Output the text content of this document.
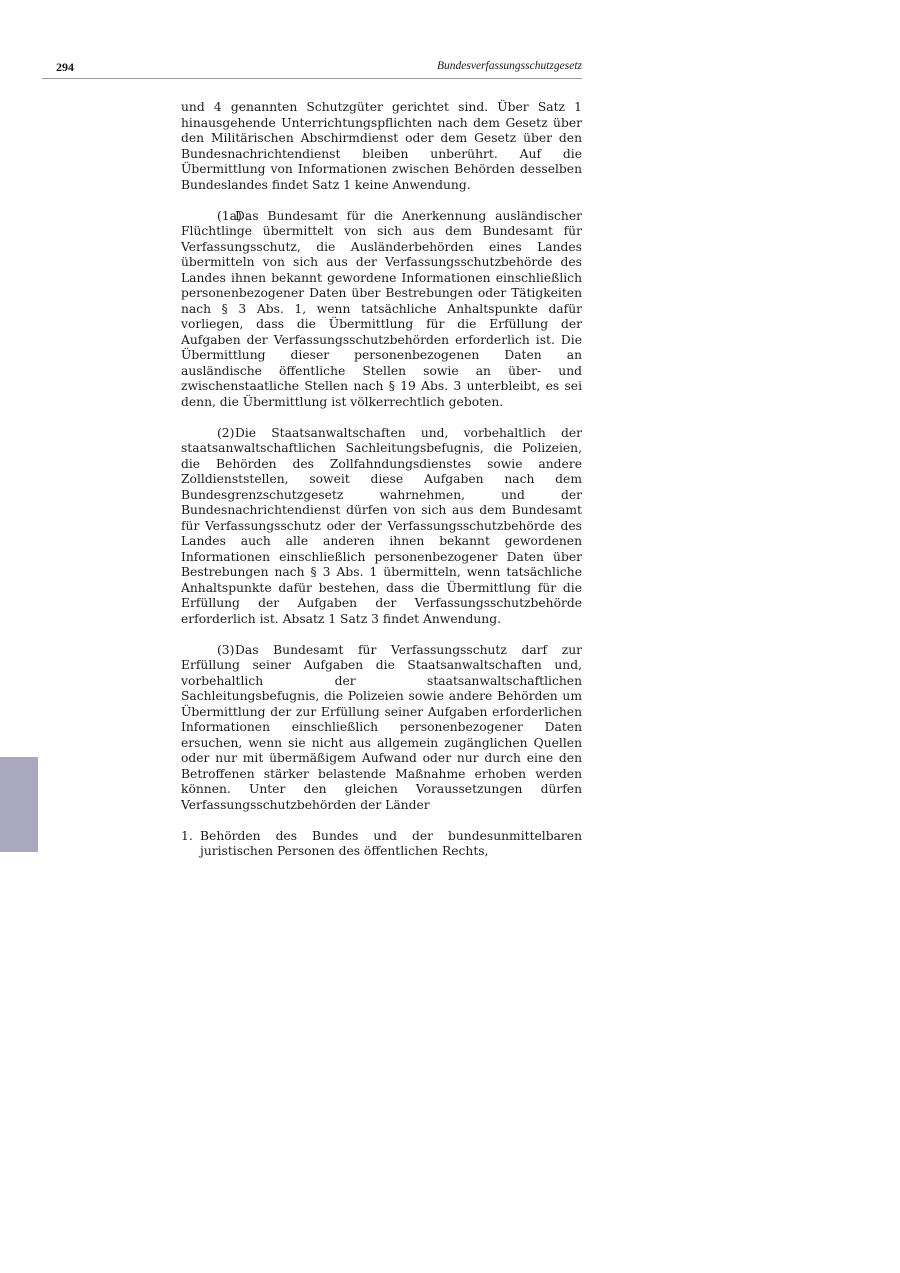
294	Bundesverfassungsschutzgesetz

und 4 genannten Schutzgüter gerichtet sind. Über Satz 1 hinausgehende Unterrichtungspflichten nach dem Gesetz über den Militärischen Abschirmdienst oder dem Gesetz über den Bundesnachrichtendienst bleiben unberührt. Auf die Übermittlung von Informationen zwischen Behörden desselben Bundeslandes findet Satz 1 keine Anwendung.

(1a)Das Bundesamt für die Anerkennung ausländischer Flüchtlinge übermittelt von sich aus dem Bundesamt für Verfassungsschutz, die Ausländerbehörden eines Landes übermitteln von sich aus der Verfassungsschutzbehörde des Landes ihnen bekannt gewordene Informationen einschließlich personenbezogener Daten über Bestrebungen oder Tätigkeiten nach § 3 Abs. 1, wenn tatsächliche Anhaltspunkte dafür vorliegen, dass die Übermittlung für die Erfüllung der Aufgaben der Verfassungsschutzbehörden erforderlich ist. Die Übermittlung dieser personenbezogenen Daten an ausländische öffentliche Stellen sowie an über- und zwischenstaatliche Stellen nach § 19 Abs. 3 unterbleibt, es sei denn, die Übermittlung ist völkerrechtlich geboten.

(2)Die Staatsanwaltschaften und, vorbehaltlich der staatsanwaltschaftlichen Sachleitungsbefugnis, die Polizeien, die Behörden des Zollfahndungsdienstes sowie andere Zolldienststellen, soweit diese Aufgaben nach dem Bundesgrenzschutzgesetz wahrnehmen, und der Bundesnachrichtendienst dürfen von sich aus dem Bundesamt für Verfassungsschutz oder der Verfassungsschutzbehörde des Landes auch alle anderen ihnen bekannt gewordenen Informationen einschließlich personenbezogener Daten über Bestrebungen nach § 3 Abs. 1 übermitteln, wenn tatsächliche Anhaltspunkte dafür bestehen, dass die Übermittlung für die Erfüllung der Aufgaben der Verfassungsschutzbehörde erforderlich ist. Absatz 1 Satz 3 findet Anwendung.

(3)Das Bundesamt für Verfassungsschutz darf zur Erfüllung seiner Aufgaben die Staatsanwaltschaften und, vorbehaltlich der staatsanwaltschaftlichen Sachleitungsbefugnis, die Polizeien sowie andere Behörden um Übermittlung der zur Erfüllung seiner Aufgaben erforderlichen Informationen einschließlich personenbezogener Daten ersuchen, wenn sie nicht aus allgemein zugänglichen Quellen oder nur mit übermäßigem Aufwand oder nur durch eine den Betroffenen stärker belastende Maßnahme erhoben werden können. Unter den gleichen Voraussetzungen dürfen Verfassungsschutzbehörden der Länder

1. Behörden des Bundes und der bundesunmittelbaren juristischen Personen des öffentlichen Rechts,
